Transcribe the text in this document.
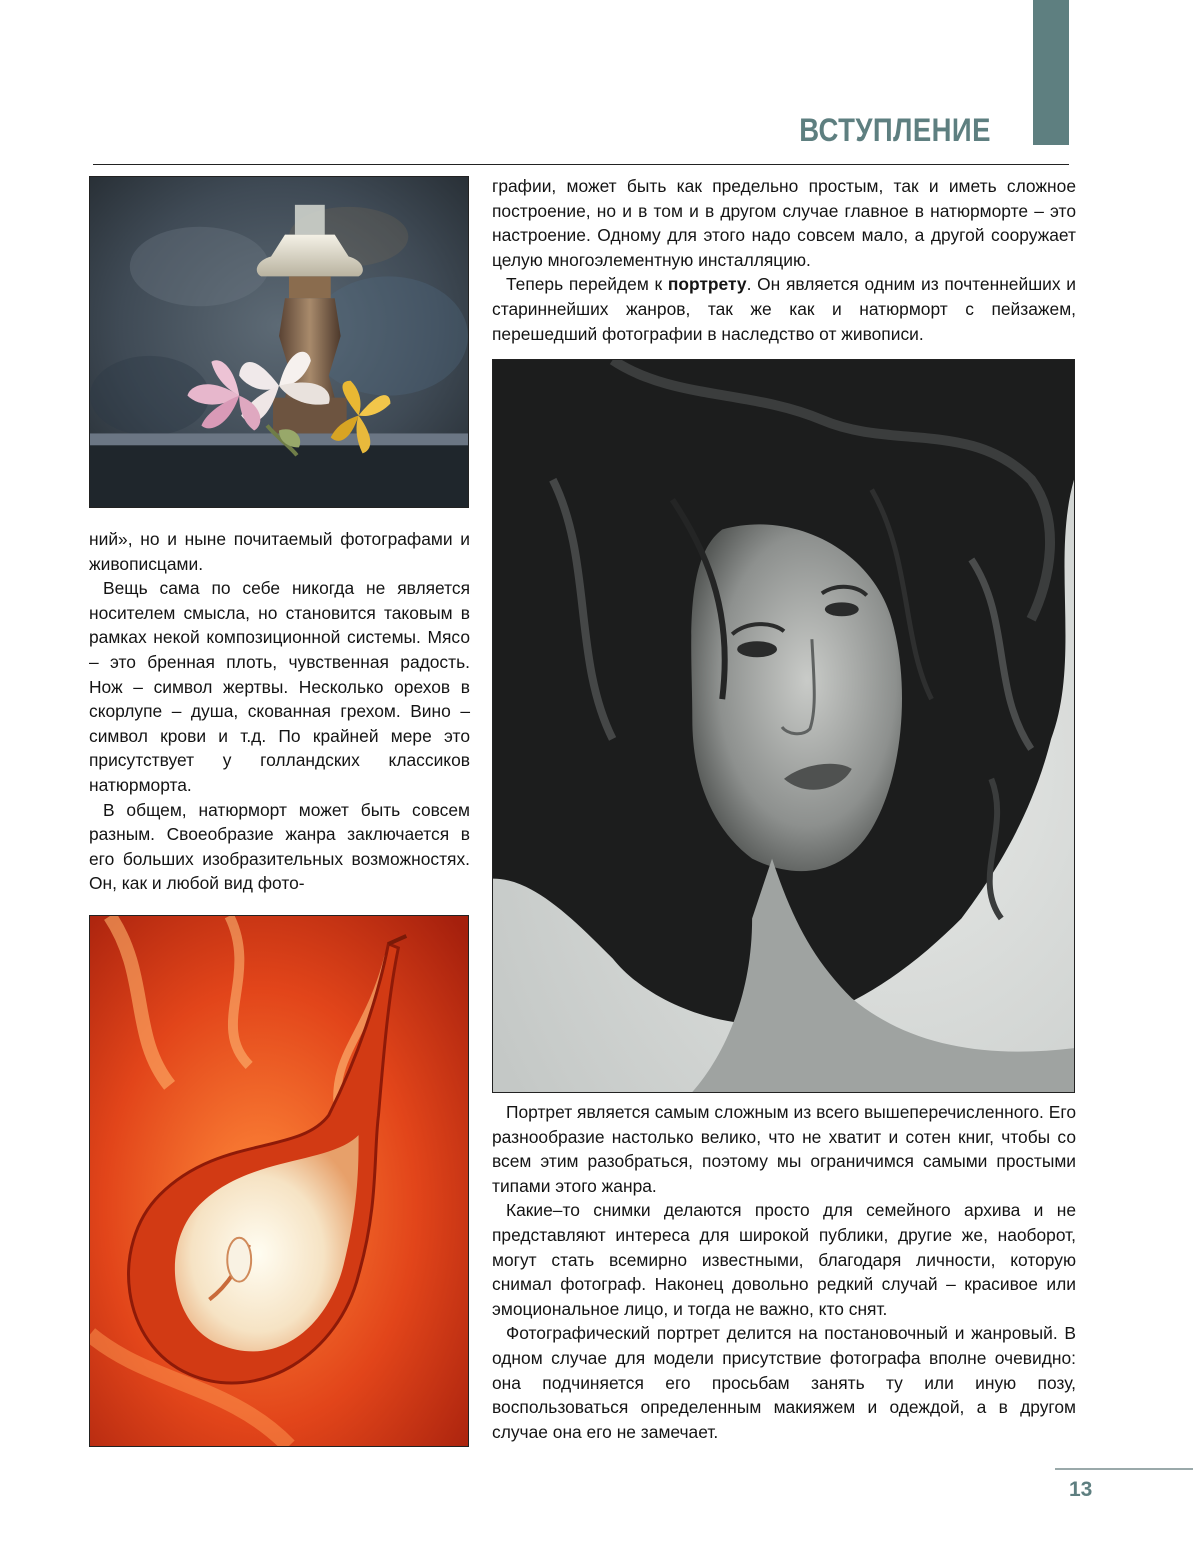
ВСТУПЛЕНИЕ

ний», но и ныне почитаемый фотографами и живописцами.

Вещь сама по себе никогда не является носителем смысла, но становится таковым в рамках некой композиционной системы. Мясо – это бренная плоть, чувственная радость. Нож – символ жертвы. Несколько орехов в скорлупе – душа, скованная грехом. Вино – символ крови и т.д. По крайней мере это присутствует у голландских классиков натюрморта.

В общем, натюрморт может быть совсем разным. Своеобразие жанра заключается в его больших изобразительных возможностях. Он, как и любой вид фото-

графии, может быть как предельно простым, так и иметь сложное построение, но и в том и в другом случае главное в натюрморте – это настроение. Одному для этого надо совсем мало, а другой сооружает целую многоэлементную инсталляцию.

Теперь перейдем к портрету. Он является одним из почтеннейших и стариннейших жанров, так же как и натюрморт с пейзажем, перешедший фотографии в наследство от живописи.

Портрет является самым сложным из всего вышеперечисленного. Его разнообразие настолько велико, что не хватит и сотен книг, чтобы со всем этим разобраться, поэтому мы ограничимся самыми простыми типами этого жанра.

Какие–то снимки делаются просто для семейного архива и не представляют интереса для широкой публики, другие же, наоборот, могут стать всемирно известными, благодаря личности, которую снимал фотограф. Наконец довольно редкий случай – красивое или эмоциональное лицо, и тогда не важно, кто снят.

Фотографический портрет делится на постановочный и жанровый. В одном случае для модели присутствие фотографа вполне очевидно: она подчиняется его просьбам занять ту или иную позу, воспользоваться определенным макияжем и одеждой, а в другом случае она его не замечает.

13
